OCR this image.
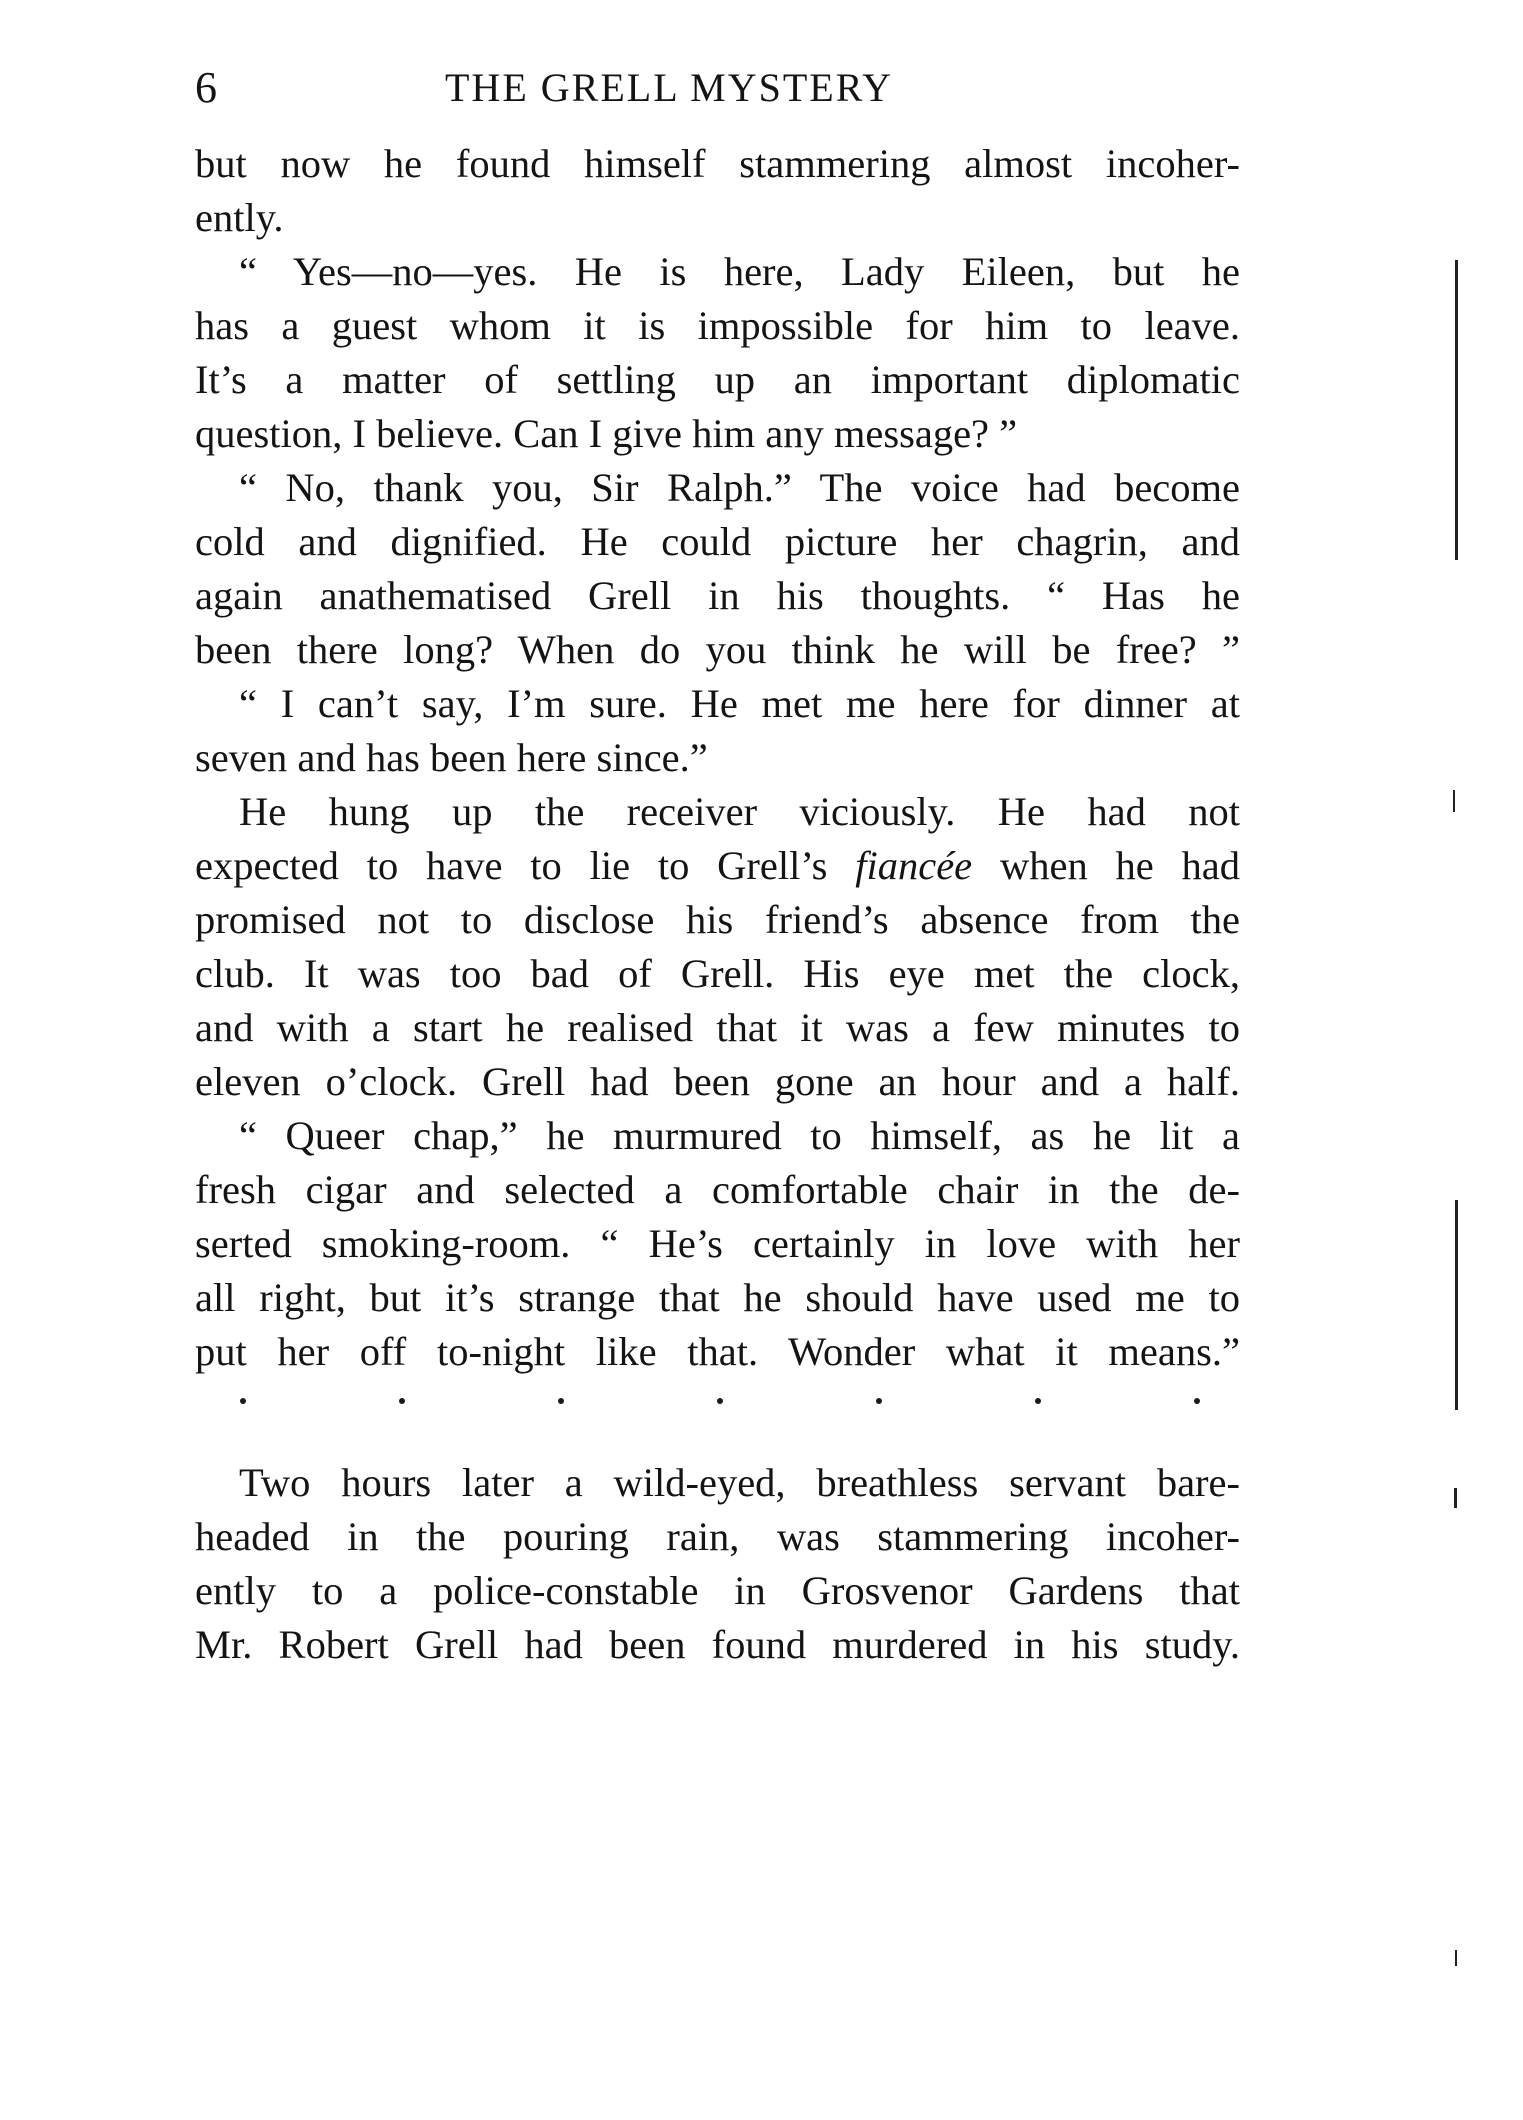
6	THE GRELL MYSTERY
but now he found himself stammering almost incoher-
ently.
“ Yes—no—yes. He is here, Lady Eileen, but he
has a guest whom it is impossible for him to leave.
It’s a matter of settling up an important diplomatic
question, I believe. Can I give him any message? ”
“ No, thank you, Sir Ralph.” The voice had become
cold and dignified. He could picture her chagrin, and
again anathematised Grell in his thoughts. “ Has he
been there long? When do you think he will be free? ”
“ I can’t say, I’m sure. He met me here for dinner at
seven and has been here since.”
He hung up the receiver viciously. He had not
expected to have to lie to Grell’s fiancée when he had
promised not to disclose his friend’s absence from the
club. It was too bad of Grell. His eye met the clock,
and with a start he realised that it was a few minutes to
eleven o’clock. Grell had been gone an hour and a half.
“ Queer chap,” he murmured to himself, as he lit a
fresh cigar and selected a comfortable chair in the de-
serted smoking-room. “ He’s certainly in love with her
all right, but it’s strange that he should have used me to
put her off to-night like that. Wonder what it means.”
Two hours later a wild-eyed, breathless servant bare-
headed in the pouring rain, was stammering incoher-
ently to a police-constable in Grosvenor Gardens that
Mr. Robert Grell had been found murdered in his study.
